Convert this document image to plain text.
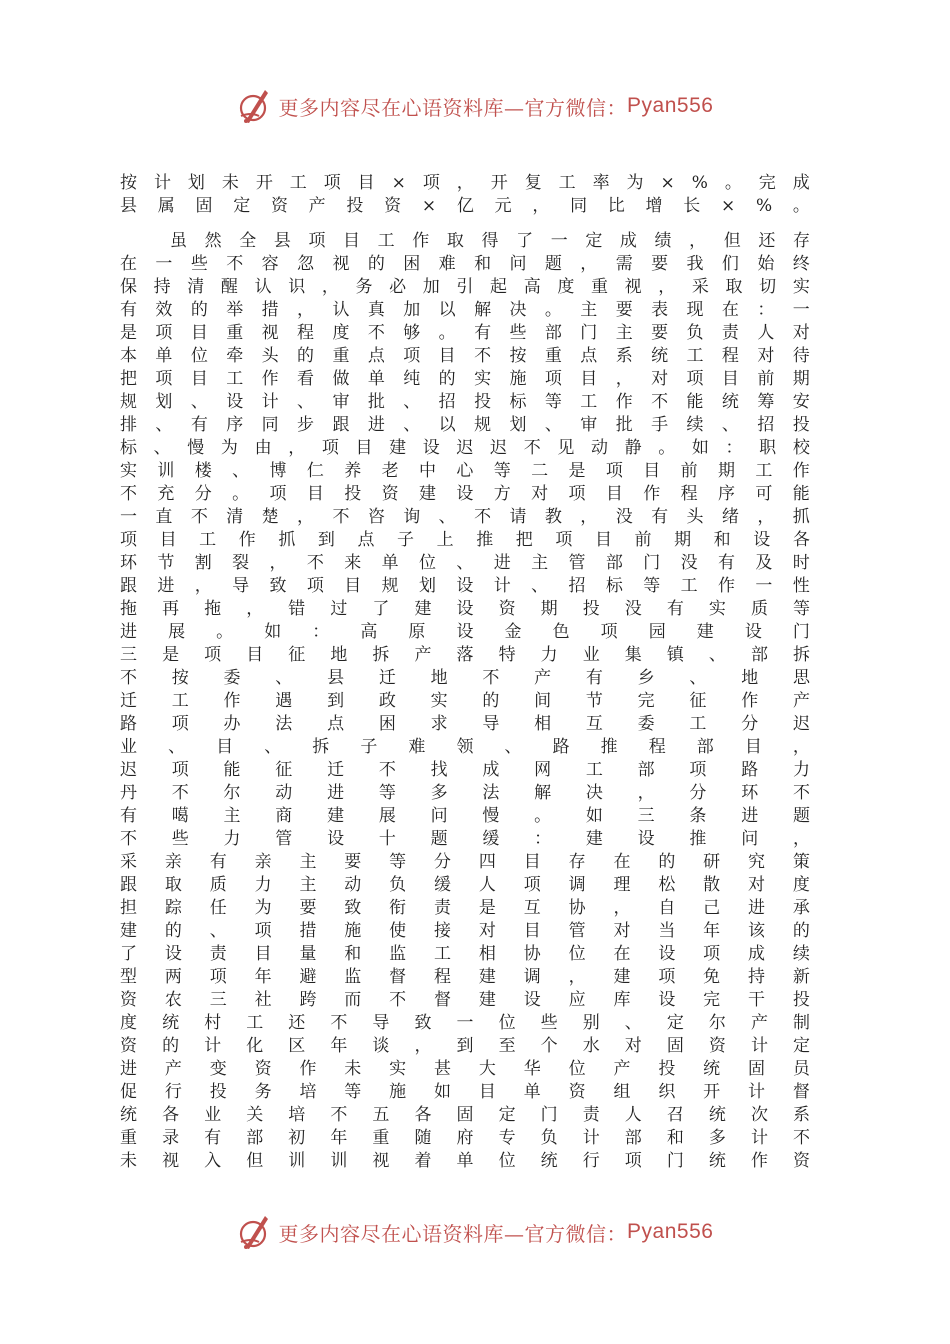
更多内容尽在心语资料库—官方微信： Pyan556
按 计 划 未 开 工 项 目 × 项 ， 开 复 工 率 为 × % 。 完 成
县 属 固 定 资 产 投 资 × 亿 元 ， 同 比 增 长 × % 。
虽 然 全 县 项 目 工 作 取 得 了 一 定 成 绩 ， 但 还 存
在 一 些 不 容 忽 视 的 困 难 和 问 题 ， 需 要 我 们 始 终
保 持 清 醒 认 识 ， 务 必 加 引 起 高 度 重 视 ， 采 取 切 实
有 效 的 举 措 ， 认 真 加 以 解 决 。 主 要 表 现 在 ： 一
是 项 目 重 视 程 度 不 够 。 有 些 部 门 主 要 负 责 人 对
本 单 位 牵 头 的 重 点 项 目 不 按 重 点 系 统 工 程 对 待
把 项 目 工 作 看 做 单 纯 的 实 施 项 目 ， 对 项 目 前 期
规 划 、 设 计 、 审 批 、 招 投 标 等 工 作 不 能 统 筹 安
排 、 有 序 同 步 跟 进 、 以 规 划 、 审 批 手 续 、 招 投
标 、 慢 为 由 ， 项 目 建 设 迟 迟 不 见 动 静 。 如 ： 职 校
实 训 楼 、 博 仁 养 老 中 心 等 二 是 项 目 前 期 工 作
不 充 分 。 项 目 投 资 建 设 方 对 项 目 作 程 序 可 能
一 直 不 清 楚 ， 不 咨 询 、 不 请 教 ， 没 有 头 绪 ， 抓
项 目 工 作 抓 到 点 子 上 推 把 项 目 前 期 和 设 各
环 节 割 裂 ， 不 来 单 位 、 进 主 管 部 门 没 有 及 时
跟 进 ， 导 致 项 目 规 划 设 计 、 招 标 等 工 作 一 性
拖 再 拖 ， 错 过 了 建 设 资 期 投 没 有 实 质 等
进 展 。 如 ： 高 原 设 金 色 项 园 建 设 门
三 是 项 目 征 地 拆 产 落 特 力 业 集 镇 、 部 拆
不 按 委 、 县 迁 地 不 产 有 乡 、 地 思
迁 工 作 遇 到 政 实 的 间 节 完 征 作 产
路 项 办 法 点 困 求 导 相 互 委 工 分 迟
业 、 目 、 拆 子 难 领 、 路 推 程 部 目 ，
迟 项 能 征 迁 不 找 成 网 工 部 项 路 力
丹 不 尔 动 进 等 多 法 解 决 ， 分 环 不
有 噶 主 商 建 展 问 慢 。 如 三 条 进 题
不 些 力 管 设 十 题 缓 ： 建 设 推 问 ，
采 亲 有 亲 主 要 等 分 四 目 存 在 的 研 究 策
跟 取 质 力 主 动 负 缓 人 项 调 理 松 散 对 度
担 踪 任 为 要 致 衔 责 是 互 协 ， 自 己 进 承
建 的 、 项 措 施 使 接 对 目 管 对 当 年 该 的
了 设 责 目 量 和 监 工 相 协 位 在 设 项 成 续
型 两 项 年 避 监 督 程 建 调 ， 建 项 免 持 新
资 农 三 社 跨 而 不 督 建 设 应 库 设 完 干 投
度 统 村 工 还 不 导 致 一 位 些 别 、 定 尔 产 制
资 的 计 化 区 年 谈 ， 到 至 个 水 对 固 资 计 定
进 产 变 资 作 未 实 甚 大 华 位 产 投 统 固 员
促 行 投 务 培 等 施 如 目 单 资 组 织 开 计 督
统 各 业 关 培 不 五 各 固 定 门 责 人 召 统 次 系
重 录 有 部 初 年 重 随 府 专 负 计 部 和 多 计 不
未 视 入 但 训 训 视 着 单 位 统 行 项 门 统 作 资
更多内容尽在心语资料库—官方微信： Pyan556
